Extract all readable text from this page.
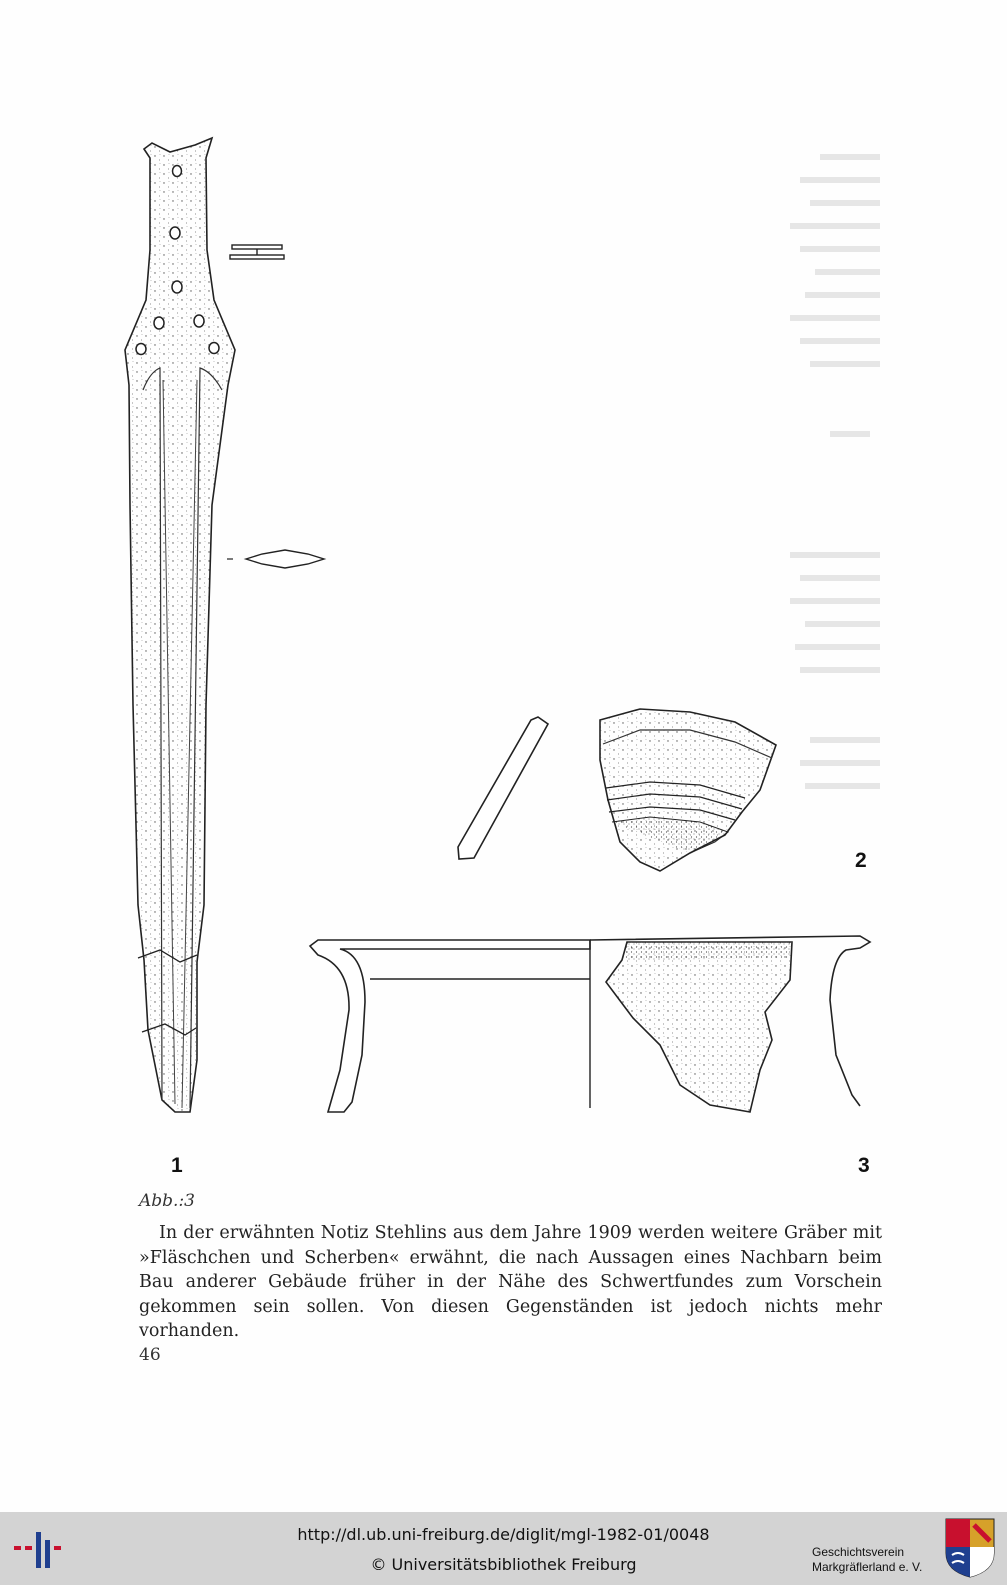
1
2
3
Abb.:3

In der erwähnten Notiz Stehlins aus dem Jahre 1909 werden weitere Gräber mit »Fläschchen und Scherben« erwähnt, die nach Aussagen eines Nachbarn beim Bau anderer Gebäude früher in der Nähe des Schwertfundes zum Vorschein gekommen sein sollen. Von diesen Gegenständen ist jedoch nichts mehr vorhanden.

46
http://dl.ub.uni-freiburg.de/diglit/mgl-1982-01/0048
© Universitätsbibliothek Freiburg
Geschichtsverein
Markgräflerland e. V.
